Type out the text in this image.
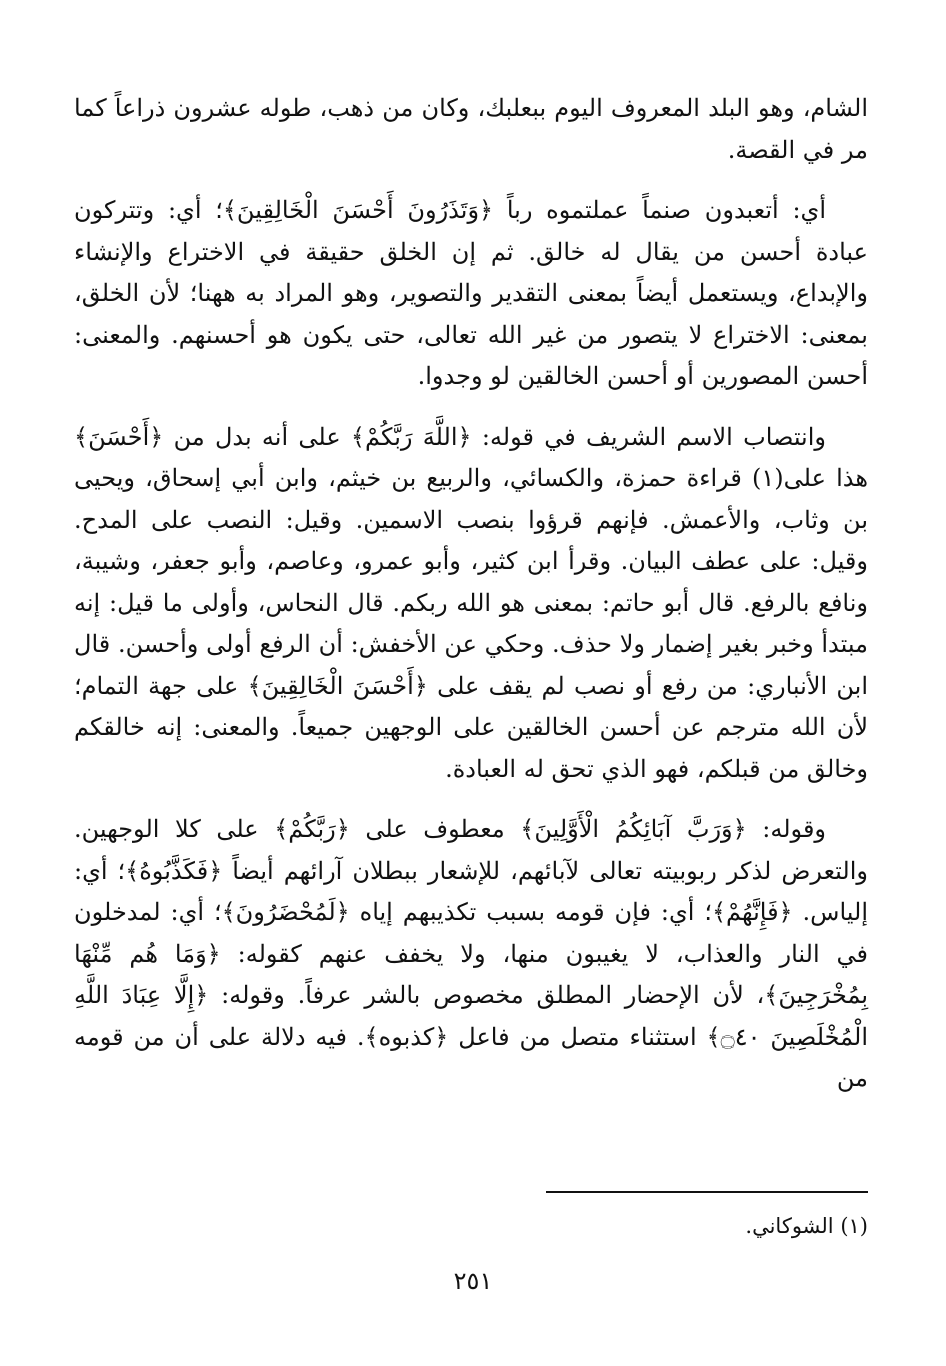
الشام، وهو البلد المعروف اليوم ببعلبك، وكان من ذهب، طوله عشرون ذراعاً كما مر في القصة.

أي: أتعبدون صنماً عملتموه رباً ﴿وَتَذَرُونَ أَحْسَنَ الْخَالِقِينَ﴾؛ أي: وتتركون عبادة أحسن من يقال له خالق. ثم إن الخلق حقيقة في الاختراع والإنشاء والإبداع، ويستعمل أيضاً بمعنى التقدير والتصوير، وهو المراد به ههنا؛ لأن الخلق، بمعنى: الاختراع لا يتصور من غير الله تعالى، حتى يكون هو أحسنهم. والمعنى: أحسن المصورين أو أحسن الخالقين لو وجدوا.

وانتصاب الاسم الشريف في قوله: ﴿اللَّهَ رَبَّكُمْ﴾ على أنه بدل من ﴿أَحْسَنَ﴾ هذا على(١) قراءة حمزة، والكسائي، والربيع بن خيثم، وابن أبي إسحاق، ويحيى بن وثاب، والأعمش. فإنهم قرؤوا بنصب الاسمين. وقيل: النصب على المدح. وقيل: على عطف البيان. وقرأ ابن كثير، وأبو عمرو، وعاصم، وأبو جعفر، وشيبة، ونافع بالرفع. قال أبو حاتم: بمعنى هو الله ربكم. قال النحاس، وأولى ما قيل: إنه مبتدأ وخبر بغير إضمار ولا حذف. وحكي عن الأخفش: أن الرفع أولى وأحسن. قال ابن الأنباري: من رفع أو نصب لم يقف على ﴿أَحْسَنَ الْخَالِقِينَ﴾ على جهة التمام؛ لأن الله مترجم عن أحسن الخالقين على الوجهين جميعاً. والمعنى: إنه خالقكم وخالق من قبلكم، فهو الذي تحق له العبادة.

وقوله: ﴿وَرَبَّ آبَائِكُمُ الْأَوَّلِينَ﴾ معطوف على ﴿رَبَّكُمْ﴾ على كلا الوجهين. والتعرض لذكر ربوبيته تعالى لآبائهم، للإشعار ببطلان آرائهم أيضاً ﴿فَكَذَّبُوهُ﴾؛ أي: إلياس. ﴿فَإِنَّهُمْ﴾؛ أي: فإن قومه بسبب تكذيبهم إياه ﴿لَمُحْضَرُونَ﴾؛ أي: لمدخلون في النار والعذاب، لا يغيبون منها، ولا يخفف عنهم كقوله: ﴿وَمَا هُم مِّنْهَا بِمُخْرَجِينَ﴾، لأن الإحضار المطلق مخصوص بالشر عرفاً. وقوله: ﴿إِلَّا عِبَادَ اللَّهِ الْمُخْلَصِينَ ۝٤٠﴾ استثناء متصل من فاعل ﴿كذبوه﴾. فيه دلالة على أن من قومه من

(١) الشوكاني.
٢٥١
